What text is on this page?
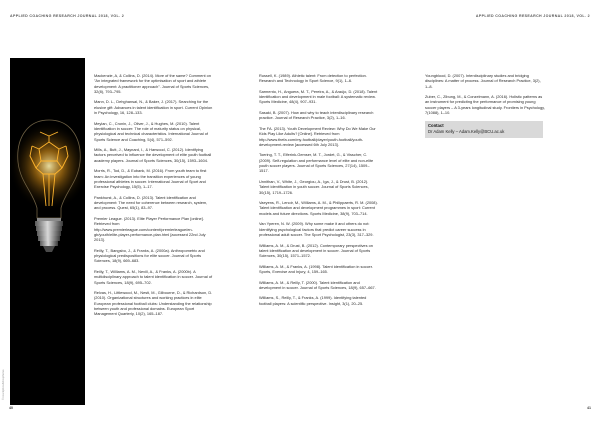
APPLIED COACHING RESEARCH JOURNAL 2018, VOL. 2	APPLIED COACHING RESEARCH JOURNAL 2018, VOL. 2
© istockphoto/kristopherus

Mackenzie, A, & Collins, D. (2014). More of the same? Comment on "An integrated framework for the optimisation of sport and athlete development: A practitioner approach". Journal of Sports Sciences, 32(8), 793–795.

Mann, D. L., Dehghansai, N., & Baker, J. (2017). Searching for the elusive gift: Advances in talent identification in sport. Current Opinion in Psychology, 16, 128–133.

Meylan, C., Cronin, J., Oliver, J., & Hughes, M. (2010). Talent identification in soccer: The role of maturity status on physical, physiological and technical characteristics. International Journal of Sports Science and Coaching, 5(4), 571–592.

Mills, A., Butt, J., Maynard, I., & Harwood, C. (2012). Identifying factors perceived to influence the development of elite youth football academy players. Journal of Sports Sciences, 30(15), 1593–1604.

Morris, R., Tod, D., & Eubank, M. (2016). From youth team to first team: An investigation into the transition experiences of young professional athletes in soccer. International Journal of Sport and Exercise Psychology, 15(5), 1–17.

Pankhurst, A., & Collins, D. (2013). Talent identification and development: The need for coherence between research, system, and process. Quest, 65(1), 83–97.

Premier League. (2013). Elite Player Performance Plan [online]. Retrieved from http://www.premierleague.com/content/premierleague/en-gb/youth/elite-player-performance-plan.html [accessed 22nd July 2013].

Reilly, T., Bangsbo, J., & Franks, A. (2000a). Anthropometric and physiological predispositions for elite soccer. Journal of Sports Sciences, 18(9), 669–683.

Reilly, T., Williams, A. M., Nevill, A., & Franks, A. (2000b). A multidisciplinary approach to talent identification in soccer. Journal of Sports Sciences, 18(9), 695–702.

Relvas, H., Littlewood, M., Nesti, M., Gilbourne, D., & Richardson, D. (2010). Organizational structures and working practices in elite European professional football clubs: Understanding the relationship between youth and professional domains. European Sport Management Quarterly, 10(2), 165–187.

Russell, K. (1989). Athletic talent: From detection to perfection. Research and Technology in Sport Science, 9(1), 1–6.

Sarmento, H., Anguera, M. T., Pereira, A., & Araújo, D. (2018). Talent identification and development in male football: A systematic review. Sports Medicine, 48(4), 907–931.

Sasaki, B. (2007). How and why to teach interdisciplinary research practice. Journal of Research Practice, 3(2), 1–16.

The FA. (2013). Youth Development Review: Why Do We Make Our Kids Play Like Adults? [Online]. Retrieved from http://www.thefa.com/my-football/player/youth-football/youth-development-review [accessed 6th July 2013].

Toering, T. T., Elferink-Gemser, M. T., Jordet, G., & Visscher, C. (2009). Self-regulation and performance level of elite and non-elite youth soccer players. Journal of Sports Sciences, 27(14), 1509–1517.

Unnithan, V., White, J., Georgiou, A., Iga, J., & Drust, B. (2012). Talent identification in youth soccer. Journal of Sports Sciences, 30(15), 1719–1726.

Vaeyens, R., Lenoir, M., Williams, A. M., & Philippaerts, R. M. (2008). Talent identification and development programmes in sport: Current models and future directions. Sports Medicine, 38(9), 703–714.

Van Yperen, N. W. (2009). Why some make it and others do not: Identifying psychological factors that predict career success in professional adult soccer. The Sport Psychologist, 23(3), 317–329.

Williams, A. M., & Drust, B. (2012). Contemporary perspectives on talent identification and development in soccer. Journal of Sports Sciences, 30(15), 1571–1572.

Williams, A. M., & Franks, A. (1998). Talent identification in soccer. Sports, Exercise and Injury, 4, 159–165.

Williams, A. M., & Reilly, T. (2000). Talent identification and development in soccer. Journal of Sports Sciences, 18(9), 657–667.

Williams, S., Reilly, T., & Franks, A. (1999). Identifying talented football players: A scientific perspective. Insight, 3(1), 20–25.

Youngblood, D. (2007). Interdisciplinary studies and bridging disciplines: A matter of process. Journal of Research Practice, 3(2), 1–8.

Zuber, C., Zibung, M., & Conzelmann, A. (2016). Holistic patterns as an instrument for predicting the performance of promising young soccer players – A 3-years longitudinal study. Frontiers in Psychology, 7(1088), 1–10.

Contact
Dr Adam Kelly – Adam.Kelly@BCU.ac.uk
40	41
